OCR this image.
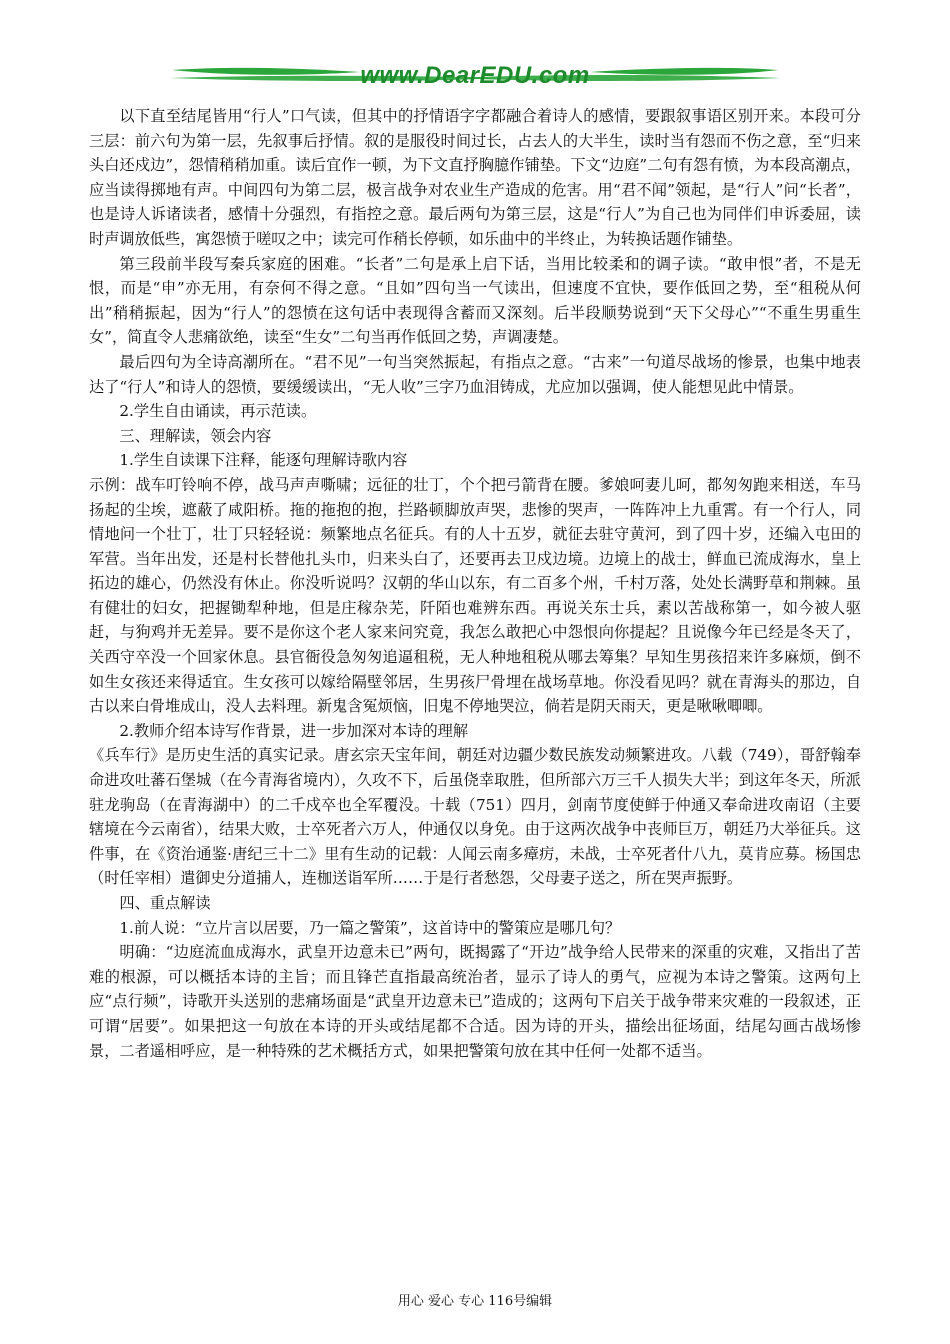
www.DearEDU.com

以下直至结尾皆用“行人”口气读，但其中的抒情语字字都融合着诗人的感情，要跟叙事语区别开来。本段可分三层：前六句为第一层，先叙事后抒情。叙的是服役时间过长，占去人的大半生，读时当有怨而不伤之意，至“归来头白还戍边”，怨情稍稍加重。读后宜作一顿，为下文直抒胸臆作铺垫。下文“边庭”二句有怨有愤，为本段高潮点，应当读得掷地有声。中间四句为第二层，极言战争对农业生产造成的危害。用“君不闻”领起，是“行人”问“长者”，也是诗人诉诸读者，感情十分强烈，有指控之意。最后两句为第三层，这是“行人”为自己也为同伴们申诉委屈，读时声调放低些，寓怨愤于嗟叹之中；读完可作稍长停顿，如乐曲中的半终止，为转换话题作铺垫。

第三段前半段写秦兵家庭的困难。“长者”二句是承上启下话，当用比较柔和的调子读。“敢申恨”者，不是无恨，而是“申”亦无用，有奈何不得之意。“且如”四句当一气读出，但速度不宜快，要作低回之势，至“租税从何出”稍稍振起，因为“行人”的怨愤在这句话中表现得含蓄而又深刻。后半段顺势说到“天下父母心”“不重生男重生女”，简直令人悲痛欲绝，读至“生女”二句当再作低回之势，声调凄楚。

最后四句为全诗高潮所在。“君不见”一句当突然振起，有指点之意。“古来”一句道尽战场的惨景，也集中地表达了“行人”和诗人的怨愤，要缓缓读出，“无人收”三字乃血泪铸成，尤应加以强调，使人能想见此中情景。

2.学生自由诵读，再示范读。

三、理解读，领会内容

1.学生自读课下注释，能逐句理解诗歌内容

示例：战车叮铃响不停，战马声声嘶啸；远征的壮丁，个个把弓箭背在腰。爹娘呵妻儿呵，都匆匆跑来相送，车马扬起的尘埃，遮蔽了咸阳桥。拖的拖抱的抱，拦路顿脚放声哭，悲惨的哭声，一阵阵冲上九重霄。有一个行人，同情地问一个壮丁，壮丁只轻轻说：频繁地点名征兵。有的人十五岁，就征去驻守黄河，到了四十岁，还编入屯田的军营。当年出发，还是村长替他扎头巾，归来头白了，还要再去卫戍边境。边境上的战士，鲜血已流成海水，皇上拓边的雄心，仍然没有休止。你没听说吗？汉朝的华山以东，有二百多个州，千村万落，处处长满野草和荆棘。虽有健壮的妇女，把握锄犁种地，但是庄稼杂芜，阡陌也难辨东西。再说关东士兵，素以苦战称第一，如今被人驱赶，与狗鸡并无差异。要不是你这个老人家来问究竟，我怎么敢把心中怨恨向你提起？且说像今年已经是冬天了，关西守卒没一个回家休息。县官衙役急匆匆追逼租税，无人种地租税从哪去筹集？早知生男孩招来许多麻烦，倒不如生女孩还来得适宜。生女孩可以嫁给隔壁邻居，生男孩尸骨埋在战场草地。你没看见吗？就在青海头的那边，自古以来白骨堆成山，没人去料理。新鬼含冤烦恼，旧鬼不停地哭泣，倘若是阴天雨天，更是啾啾唧唧。

2.教师介绍本诗写作背景，进一步加深对本诗的理解

《兵车行》是历史生活的真实记录。唐玄宗天宝年间，朝廷对边疆少数民族发动频繁进攻。八载（749），哥舒翰奉命进攻吐蕃石堡城（在今青海省境内），久攻不下，后虽侥幸取胜，但所部六万三千人损失大半；到这年冬天，所派驻龙驹岛（在青海湖中）的二千戍卒也全军覆没。十载（751）四月，剑南节度使鲜于仲通又奉命进攻南诏（主要辖境在今云南省），结果大败，士卒死者六万人，仲通仅以身免。由于这两次战争中丧师巨万，朝廷乃大举征兵。这件事，在《资治通鉴·唐纪三十二》里有生动的记载：人闻云南多瘴疠，未战，士卒死者什八九，莫肯应募。杨国忠（时任宰相）遣御史分道捕人，连枷送诣军所……于是行者愁怨，父母妻子送之，所在哭声振野。

四、重点解读

1.前人说：“立片言以居要，乃一篇之警策”，这首诗中的警策应是哪几句？

明确：“边庭流血成海水，武皇开边意未已”两句，既揭露了“开边”战争给人民带来的深重的灾难，又指出了苦难的根源，可以概括本诗的主旨；而且锋芒直指最高统治者，显示了诗人的勇气，应视为本诗之警策。这两句上应“点行频”，诗歌开头送别的悲痛场面是“武皇开边意未已”造成的；这两句下启关于战争带来灾难的一段叙述，正可谓“居要”。如果把这一句放在本诗的开头或结尾都不合适。因为诗的开头，描绘出征场面，结尾勾画古战场惨景，二者遥相呼应，是一种特殊的艺术概括方式，如果把警策句放在其中任何一处都不适当。

用心 爱心 专心 116号编辑
